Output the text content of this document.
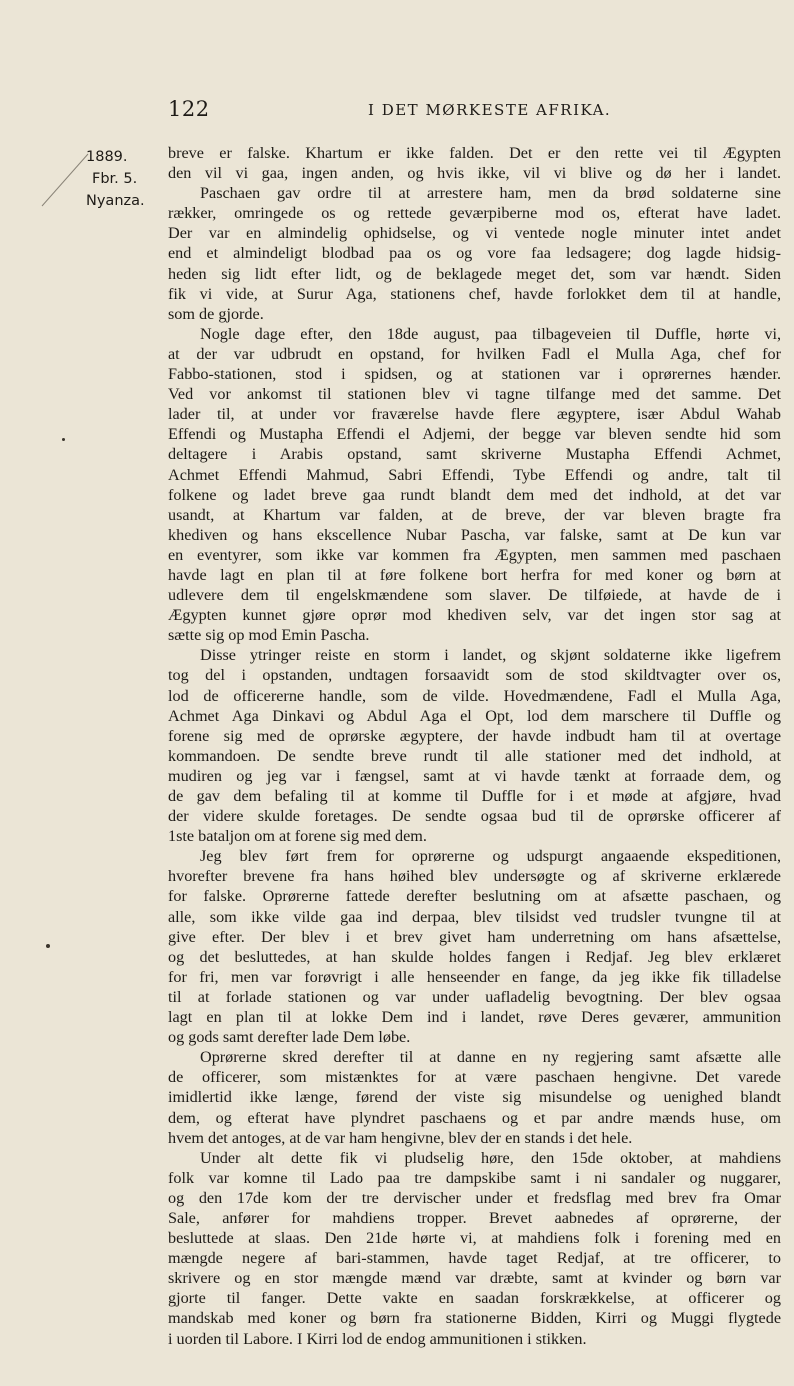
122	I DET MØRKESTE AFRIKA.
1889.
Fbr. 5.
Nyanza.
breve er falske. Khartum er ikke falden. Det er den rette vei til Ægypten
den vil vi gaa, ingen anden, og hvis ikke, vil vi blive og dø her i landet.
Paschaen gav ordre til at arrestere ham, men da brød soldaterne sine
rækker, omringede os og rettede geværpiberne mod os, efterat have ladet.
Der var en almindelig ophidselse, og vi ventede nogle minuter intet andet
end et almindeligt blodbad paa os og vore faa ledsagere; dog lagde hidsig-
heden sig lidt efter lidt, og de beklagede meget det, som var hændt. Siden
fik vi vide, at Surur Aga, stationens chef, havde forlokket dem til at handle,
som de gjorde.
Nogle dage efter, den 18de august, paa tilbageveien til Duffle, hørte vi,
at der var udbrudt en opstand, for hvilken Fadl el Mulla Aga, chef for
Fabbo-stationen, stod i spidsen, og at stationen var i oprørernes hænder.
Ved vor ankomst til stationen blev vi tagne tilfange med det samme. Det
lader til, at under vor fraværelse havde flere ægyptere, især Abdul Wahab
Effendi og Mustapha Effendi el Adjemi, der begge var bleven sendte hid som
deltagere i Arabis opstand, samt skriverne Mustapha Effendi Achmet,
Achmet Effendi Mahmud, Sabri Effendi, Tybe Effendi og andre, talt til
folkene og ladet breve gaa rundt blandt dem med det indhold, at det var
usandt, at Khartum var falden, at de breve, der var bleven bragte fra
khediven og hans ekscellence Nubar Pascha, var falske, samt at De kun var
en eventyrer, som ikke var kommen fra Ægypten, men sammen med paschaen
havde lagt en plan til at føre folkene bort herfra for med koner og børn at
udlevere dem til engelskmændene som slaver. De tilføiede, at havde de i
Ægypten kunnet gjøre oprør mod khediven selv, var det ingen stor sag at
sætte sig op mod Emin Pascha.
Disse ytringer reiste en storm i landet, og skjønt soldaterne ikke ligefrem
tog del i opstanden, undtagen forsaavidt som de stod skildtvagter over os,
lod de officererne handle, som de vilde. Hovedmændene, Fadl el Mulla Aga,
Achmet Aga Dinkavi og Abdul Aga el Opt, lod dem marschere til Duffle og
forene sig med de oprørske ægyptere, der havde indbudt ham til at overtage
kommandoen. De sendte breve rundt til alle stationer med det indhold, at
mudiren og jeg var i fængsel, samt at vi havde tænkt at forraade dem, og
de gav dem befaling til at komme til Duffle for i et møde at afgjøre, hvad
der videre skulde foretages. De sendte ogsaa bud til de oprørske officerer af
1ste bataljon om at forene sig med dem.
Jeg blev ført frem for oprørerne og udspurgt angaaende ekspeditionen,
hvorefter brevene fra hans høihed blev undersøgte og af skriverne erklærede
for falske. Oprørerne fattede derefter beslutning om at afsætte paschaen, og
alle, som ikke vilde gaa ind derpaa, blev tilsidst ved trudsler tvungne til at
give efter. Der blev i et brev givet ham underretning om hans afsættelse,
og det besluttedes, at han skulde holdes fangen i Redjaf. Jeg blev erklæret
for fri, men var forøvrigt i alle henseender en fange, da jeg ikke fik tilladelse
til at forlade stationen og var under uafladelig bevogtning. Der blev ogsaa
lagt en plan til at lokke Dem ind i landet, røve Deres geværer, ammunition
og gods samt derefter lade Dem løbe.
Oprørerne skred derefter til at danne en ny regjering samt afsætte alle
de officerer, som mistænktes for at være paschaen hengivne. Det varede
imidlertid ikke længe, førend der viste sig misundelse og uenighed blandt
dem, og efterat have plyndret paschaens og et par andre mænds huse, om
hvem det antoges, at de var ham hengivne, blev der en stands i det hele.
Under alt dette fik vi pludselig høre, den 15de oktober, at mahdiens
folk var komne til Lado paa tre dampskibe samt i ni sandaler og nuggarer,
og den 17de kom der tre dervischer under et fredsflag med brev fra Omar
Sale, anfører for mahdiens tropper. Brevet aabnedes af oprørerne, der
besluttede at slaas. Den 21de hørte vi, at mahdiens folk i forening med en
mængde negere af bari-stammen, havde taget Redjaf, at tre officerer, to
skrivere og en stor mængde mænd var dræbte, samt at kvinder og børn var
gjorte til fanger. Dette vakte en saadan forskrækkelse, at officerer og
mandskab med koner og børn fra stationerne Bidden, Kirri og Muggi flygtede
i uorden til Labore. I Kirri lod de endog ammunitionen i stikken.
